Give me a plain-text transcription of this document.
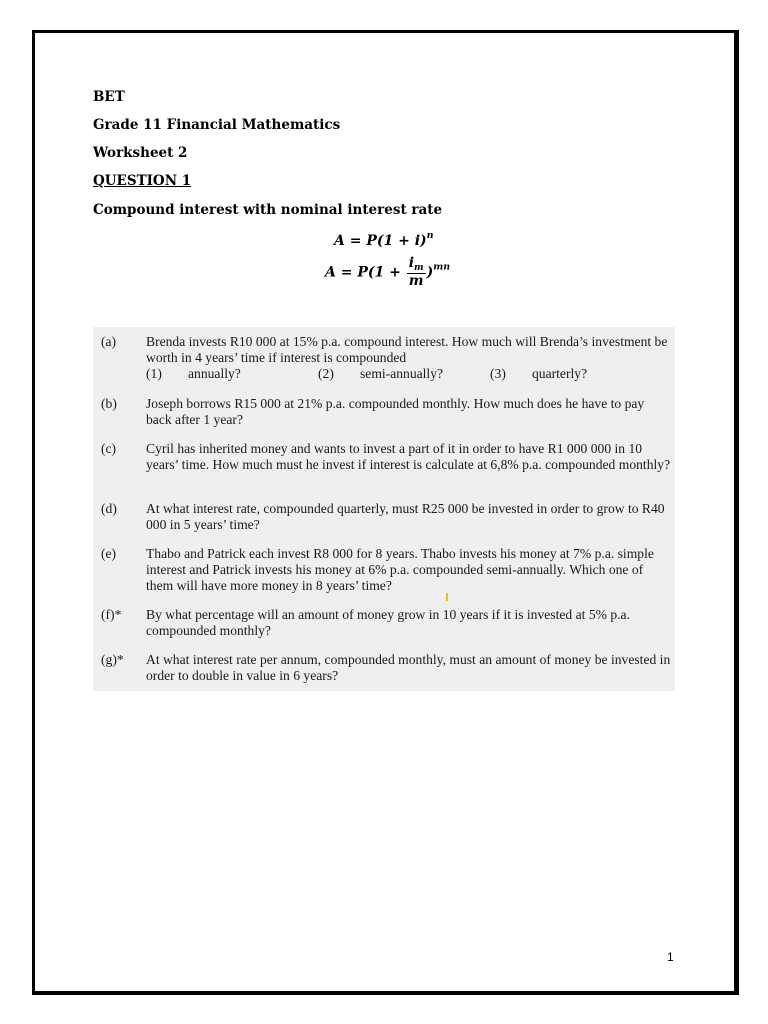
BET
Grade 11 Financial Mathematics
Worksheet 2
QUESTION 1
Compound interest with nominal interest rate
$A = P(1 + i)^n$
$A = P(1 + \frac{i_m}{m} )^{mn}$
(a) Brenda invests R10 000 at 15% p.a. compound interest. How much will Brenda’s investment be worth in 4 years’ time if interest is compounded
(1) annually?	(2) semi-annually?	(3) quarterly?
(b) Joseph borrows R15 000 at 21% p.a. compounded monthly. How much does he have to pay back after 1 year?
(c) Cyril has inherited money and wants to invest a part of it in order to have R1 000 000 in 10 years’ time. How much must he invest if interest is calculate at 6,8% p.a. compounded monthly?
(d) At what interest rate, compounded quarterly, must R25 000 be invested in order to grow to R40 000 in 5 years’ time?
(e) Thabo and Patrick each invest R8 000 for 8 years. Thabo invests his money at 7% p.a. simple interest and Patrick invests his money at 6% p.a. compounded semi-annually. Which one of them will have more money in 8 years’ time?
(f)* By what percentage will an amount of money grow in 10 years if it is invested at 5% p.a. compounded monthly?
(g)* At what interest rate per annum, compounded monthly, must an amount of money be invested in order to double in value in 6 years?
1
